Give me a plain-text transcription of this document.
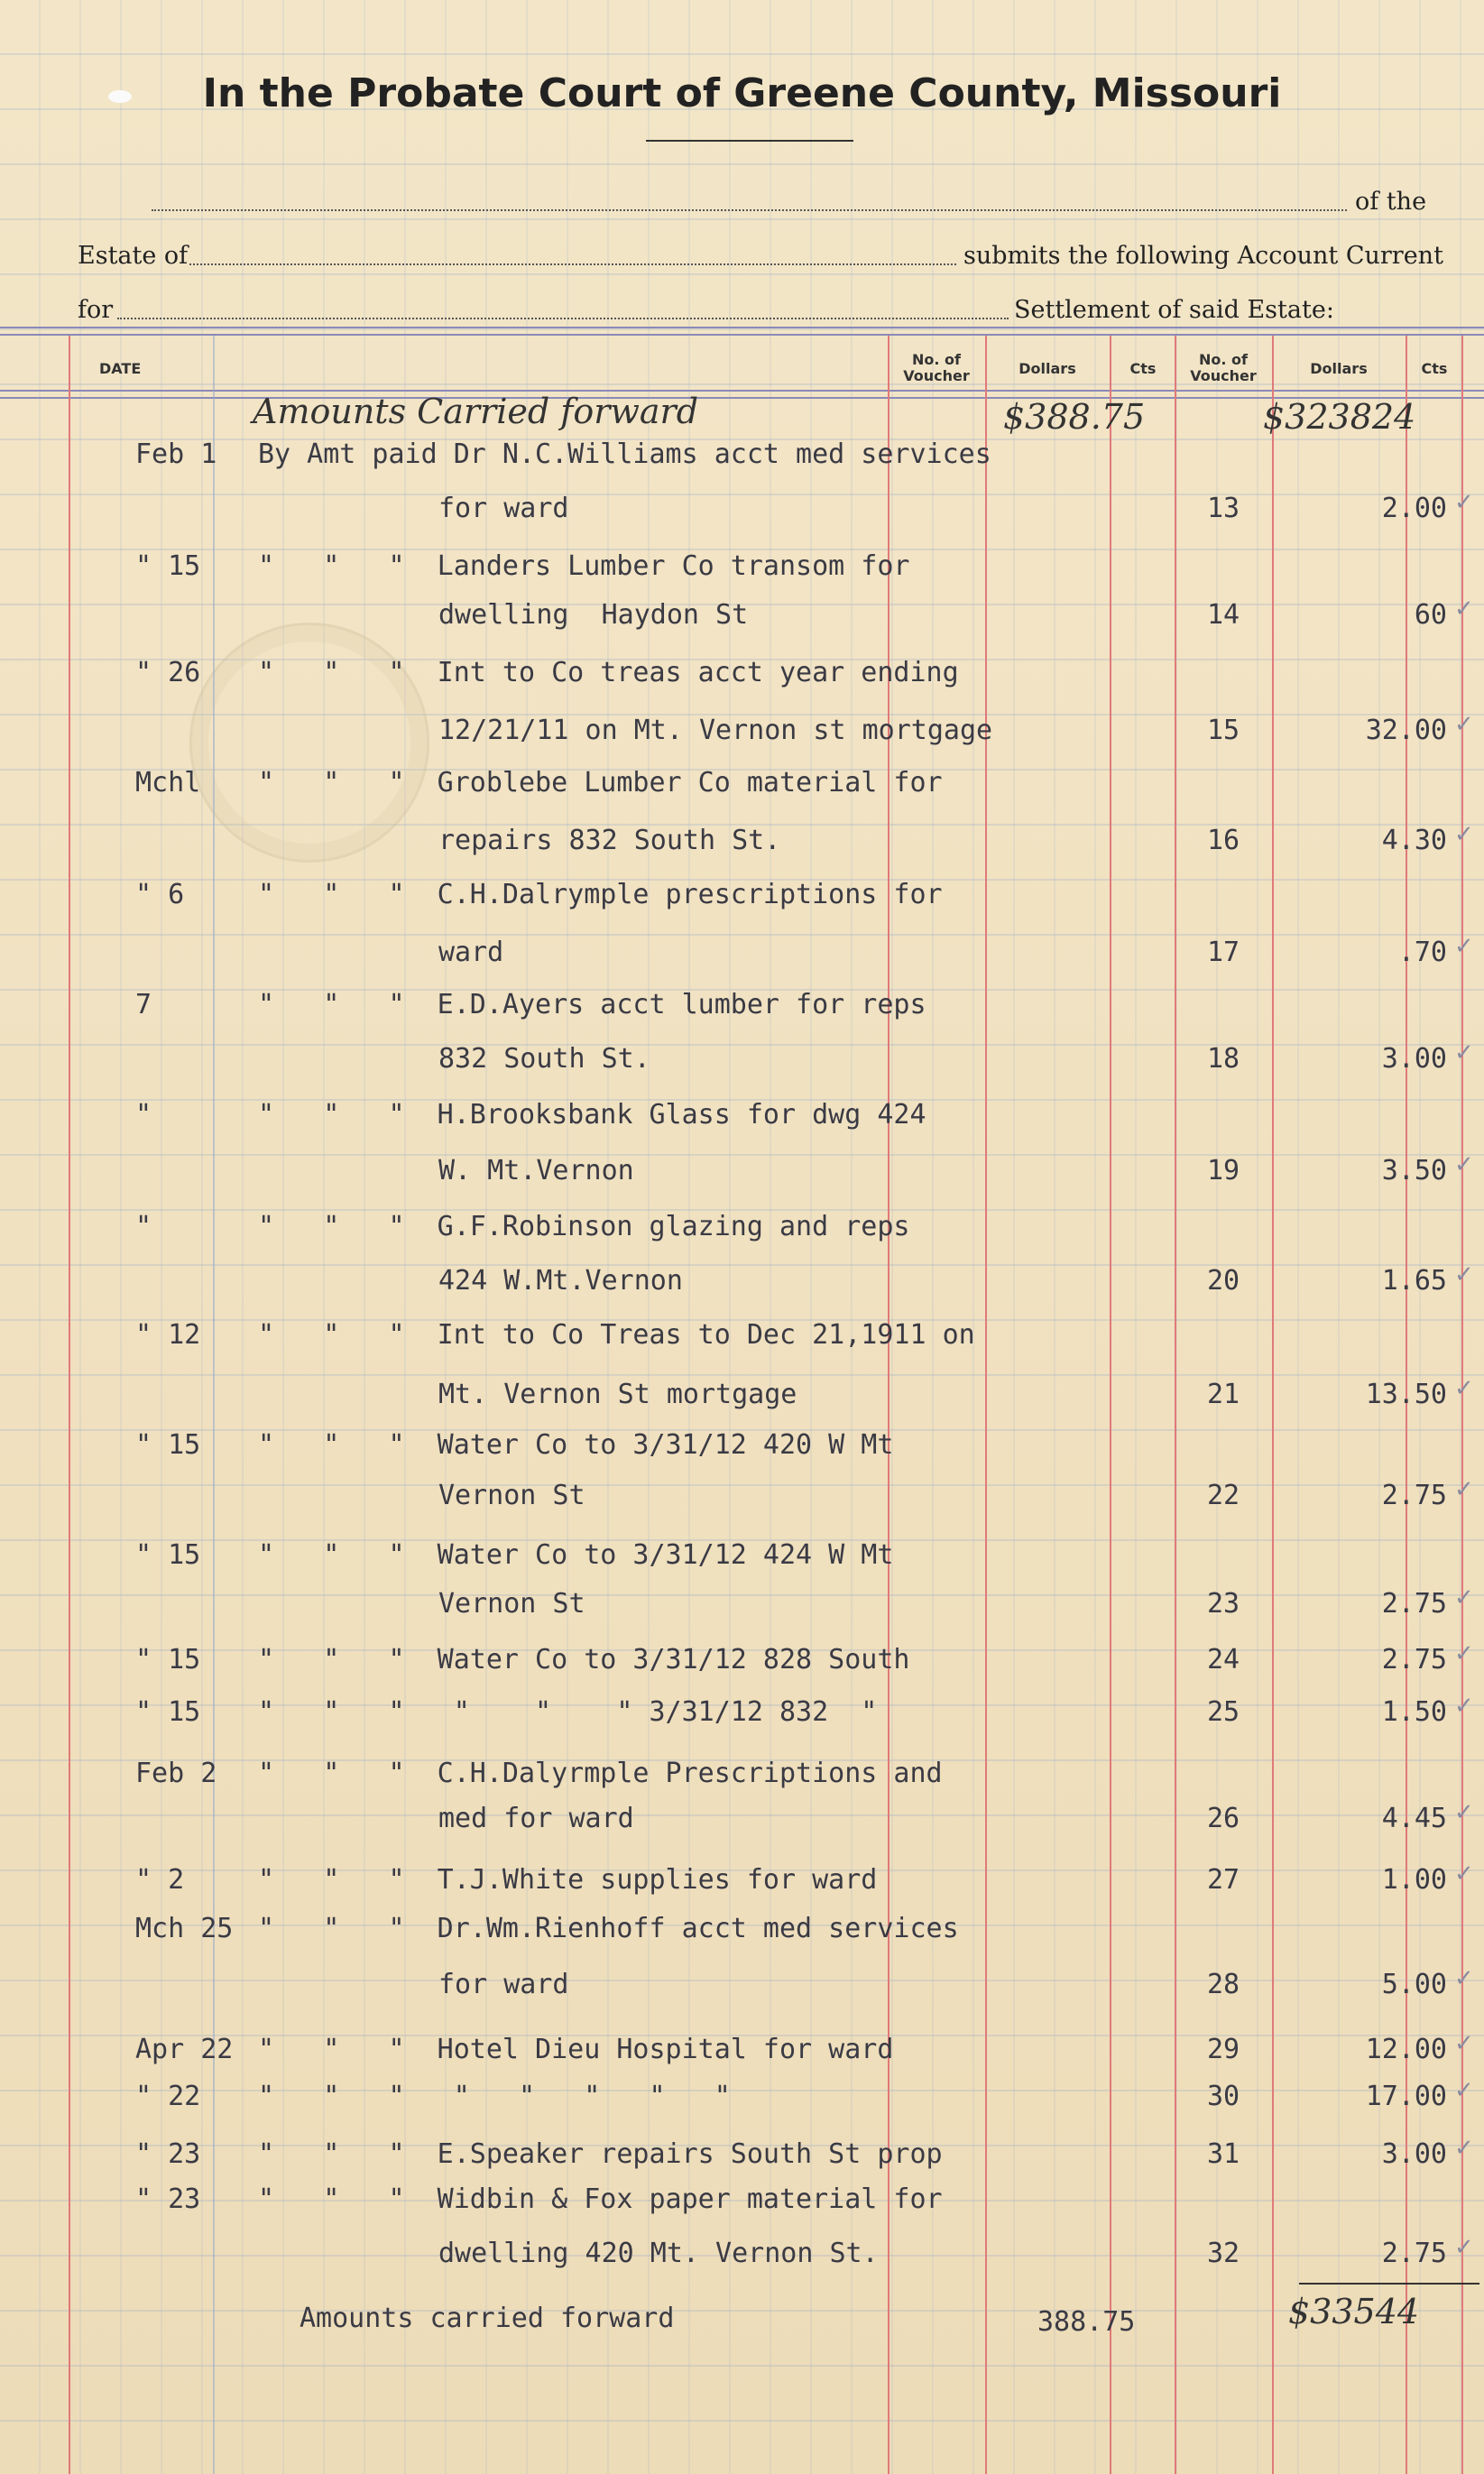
In the Probate Court of Greene County, Missouri
of the
Estate of	submits the following Account Current
for	Settlement of said Estate:
DATE
No. of Voucher	Dollars	Cts
No. of Voucher	Dollars	Cts
Amounts Carried forward	$388.75	$323824
Feb 1 By Amt paid Dr N.C.Williams acct med services
for ward	13	2.00 ✓
" 15 "   "   "  Landers Lumber Co transom for
dwelling  Haydon St	14	60 ✓
" 26 "   "   "  Int to Co treas acct year ending
12/21/11 on Mt. Vernon st mortgage	15	32.00 ✓
Mchl "   "   "  Groblebe Lumber Co material for
repairs 832 South St.	16	4.30 ✓
" 6	"   "   "  C.H.Dalrymple prescriptions for
ward	17	.70 ✓
7	"   "   "  E.D.Ayers acct lumber for reps
832 South St.	18	3.00 ✓
"	"   "   "  H.Brooksbank Glass for dwg 424
W. Mt.Vernon	19	3.50 ✓
"	"   "   "  G.F.Robinson glazing and reps
424 W.Mt.Vernon	20	1.65 ✓
" 12 "   "   "  Int to Co Treas to Dec 21,1911 on
Mt. Vernon St mortgage	21	13.50 ✓
" 15 "   "   "  Water Co to 3/31/12 420 W Mt
Vernon St	22	2.75 ✓
" 15 "   "   "  Water Co to 3/31/12 424 W Mt
Vernon St	23	2.75 ✓
" 15 "   "   "  Water Co to 3/31/12 828 South	24	2.75 ✓
" 15 "   "   "   "    "    " 3/31/12 832  "	25	1.50 ✓
Feb 2 "   "   "  C.H.Dalyrmple Prescriptions and
med for ward	26	4.45 ✓
" 2	"   "   "  T.J.White supplies for ward	27	1.00 ✓
Mch 25 "   "   "  Dr.Wm.Rienhoff acct med services
for ward	28	5.00 ✓
Apr 22 "   "   "  Hotel Dieu Hospital for ward	29	12.00 ✓
" 22 "   "   "   "   "   "   "   "	30	17.00 ✓
" 23 "   "   "  E.Speaker repairs South St prop	31	3.00 ✓
" 23 "   "   "  Widbin & Fox paper material for
dwelling 420 Mt. Vernon St.	32	2.75 ✓
Amounts carried forward	388.75	$33544
